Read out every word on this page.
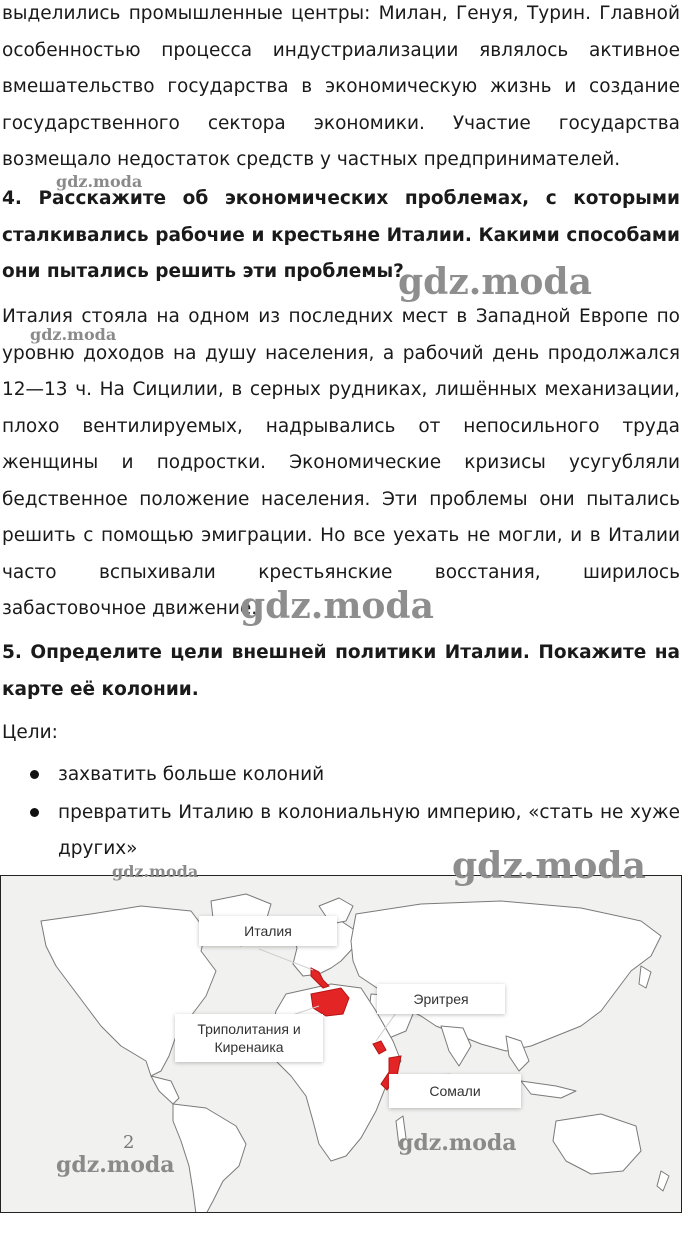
выделились промышленные центры: Милан, Генуя, Турин. Главной особенностью процесса индустриализации являлось активное вмешательство государства в экономическую жизнь и создание государственного сектора экономики. Участие государства возмещало недостаток средств у частных предпринимателей.

4. Расскажите об экономических проблемах, с которыми сталкивались рабочие и крестьяне Италии. Какими способами они пытались решить эти проблемы?

Италия стояла на одном из последних мест в Западной Европе по уровню доходов на душу населения, а рабочий день продолжался 12—13 ч. На Сицилии, в серных рудниках, лишённых механизации, плохо вентилируемых, надрывались от непосильного труда женщины и подростки. Экономические кризисы усугубляли бедственное положение населения. Эти проблемы они пытались решить с помощью эмиграции. Но все уехать не могли, и в Италии часто вспыхивали крестьянские восстания, ширилось забастовочное движение.

5. Определите цели внешней политики Италии. Покажите на карте её колонии.

Цели:
захватить больше колоний
превратить Италию в колониальную империю, «стать не хуже других»
Италия
Эритрея
Триполитания и Киренаика
Сомали
2
gdz.moda
gdz.moda
gdz.moda
gdz.moda
gdz.moda	gdz.moda
gdz.moda
gdz.moda
